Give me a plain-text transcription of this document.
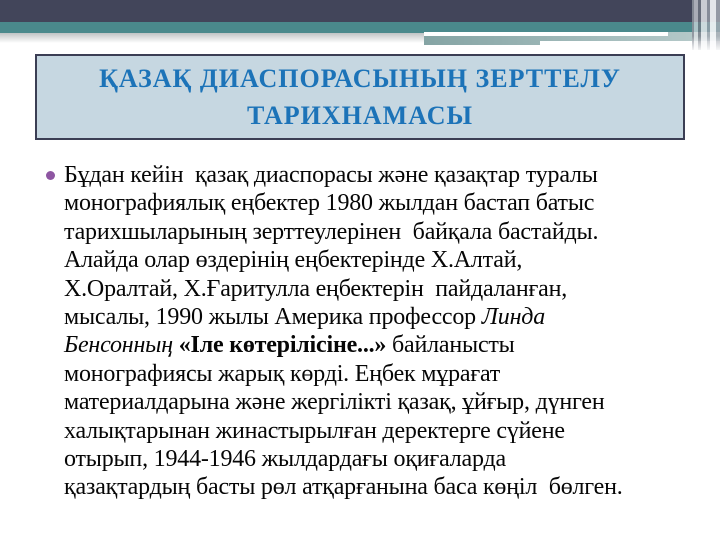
ҚАЗАҚ ДИАСПОРАСЫНЫҢ ЗЕРТТЕЛУ ТАРИХНАМАСЫ
Бұдан кейін  қазақ диаспорасы және қазақтар туралы
монографиялық еңбектер 1980 жылдан бастап батыс
тарихшыларының зерттеулерінен  байқала бастайды.
Алайда олар өздерінің еңбектерінде Х.Алтай,
Х.Оралтай, Х.Ғаритулла еңбектерін  пайдаланған,
мысалы, 1990 жылы Америка профессор Линда
Бенсонның «Іле көтерілісіне...» байланысты
монографиясы жарық көрді. Еңбек мұрағат
материалдарына және жергілікті қазақ, ұйғыр, дүнген
халықтарынан жинастырылған деректерге сүйене
отырып, 1944-1946 жылдардағы оқиғаларда
қазақтардың басты рөл атқарғанына баса көңіл  бөлген.
